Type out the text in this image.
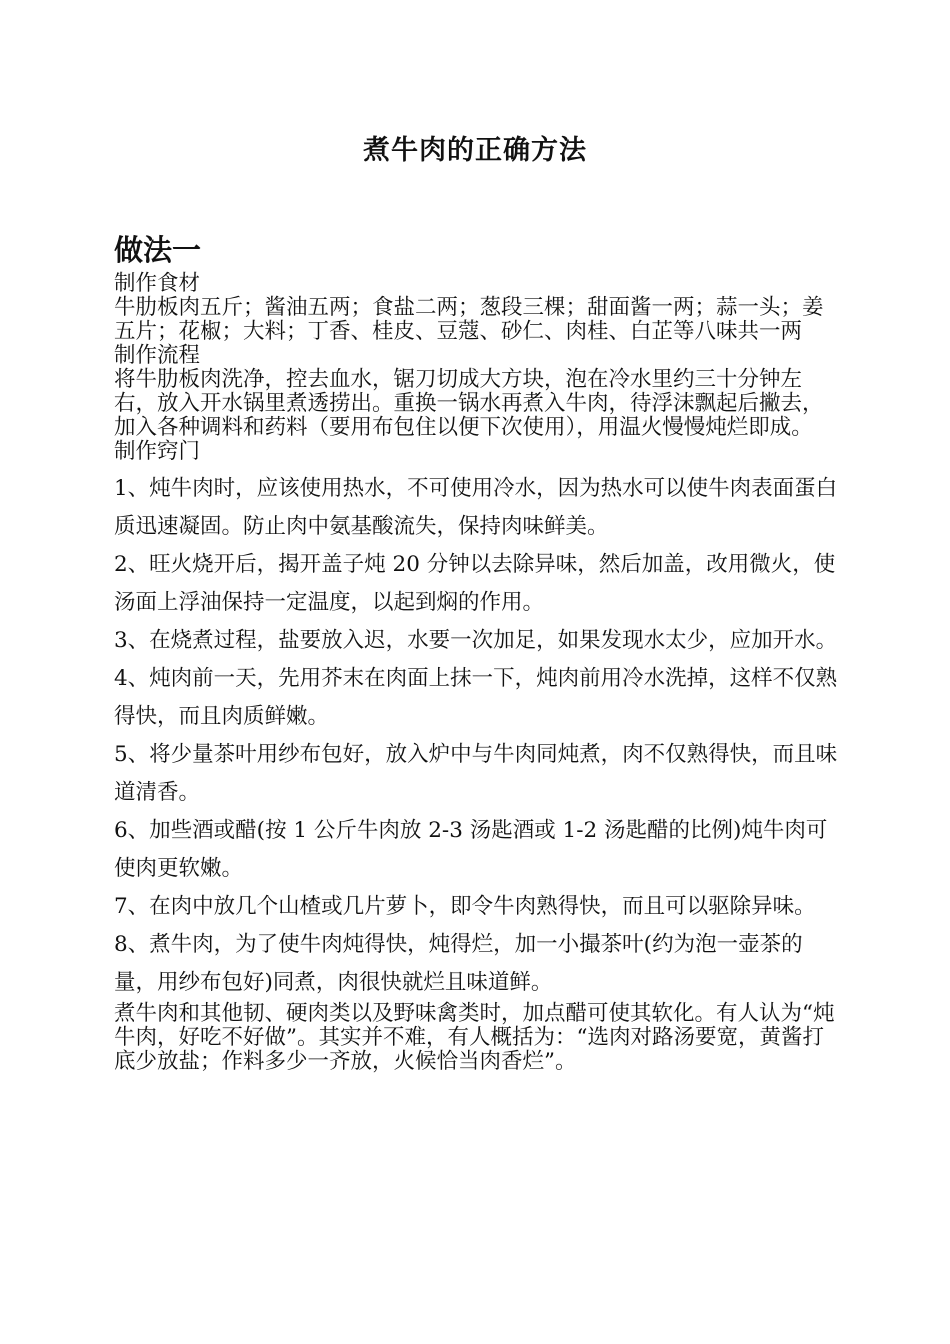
煮牛肉的正确方法
做法一

制作食材

牛肋板肉五斤；酱油五两；食盐二两；葱段三棵；甜面酱一两；蒜一头；姜五片；花椒；大料；丁香、桂皮、豆蔻、砂仁、肉桂、白芷等八味共一两

制作流程

将牛肋板肉洗净，控去血水，锯刀切成大方块，泡在冷水里约三十分钟左右，放入开水锅里煮透捞出。重换一锅水再煮入牛肉，待浮沫飘起后撇去，加入各种调料和药料（要用布包住以便下次使用），用温火慢慢炖烂即成。

制作窍门

1、炖牛肉时，应该使用热水，不可使用冷水，因为热水可以使牛肉表面蛋白质迅速凝固。防止肉中氨基酸流失，保持肉味鲜美。

2、旺火烧开后，揭开盖子炖 20 分钟以去除异味，然后加盖，改用微火，使汤面上浮油保持一定温度，以起到焖的作用。

3、在烧煮过程，盐要放入迟，水要一次加足，如果发现水太少，应加开水。

4、炖肉前一天，先用芥末在肉面上抹一下，炖肉前用冷水洗掉，这样不仅熟得快，而且肉质鲜嫩。

5、将少量茶叶用纱布包好，放入炉中与牛肉同炖煮，肉不仅熟得快，而且味道清香。

6、加些酒或醋(按 1 公斤牛肉放 2-3 汤匙酒或 1-2 汤匙醋的比例)炖牛肉可使肉更软嫩。

7、在肉中放几个山楂或几片萝卜，即令牛肉熟得快，而且可以驱除异味。

8、煮牛肉，为了使牛肉炖得快，炖得烂，加一小撮茶叶(约为泡一壶茶的量，用纱布包好)同煮，肉很快就烂且味道鲜。

煮牛肉和其他韧、硬肉类以及野味禽类时，加点醋可使其软化。有人认为“炖牛肉，好吃不好做”。其实并不难，有人概括为：“选肉对路汤要宽，黄酱打底少放盐；作料多少一齐放，火候恰当肉香烂”。
